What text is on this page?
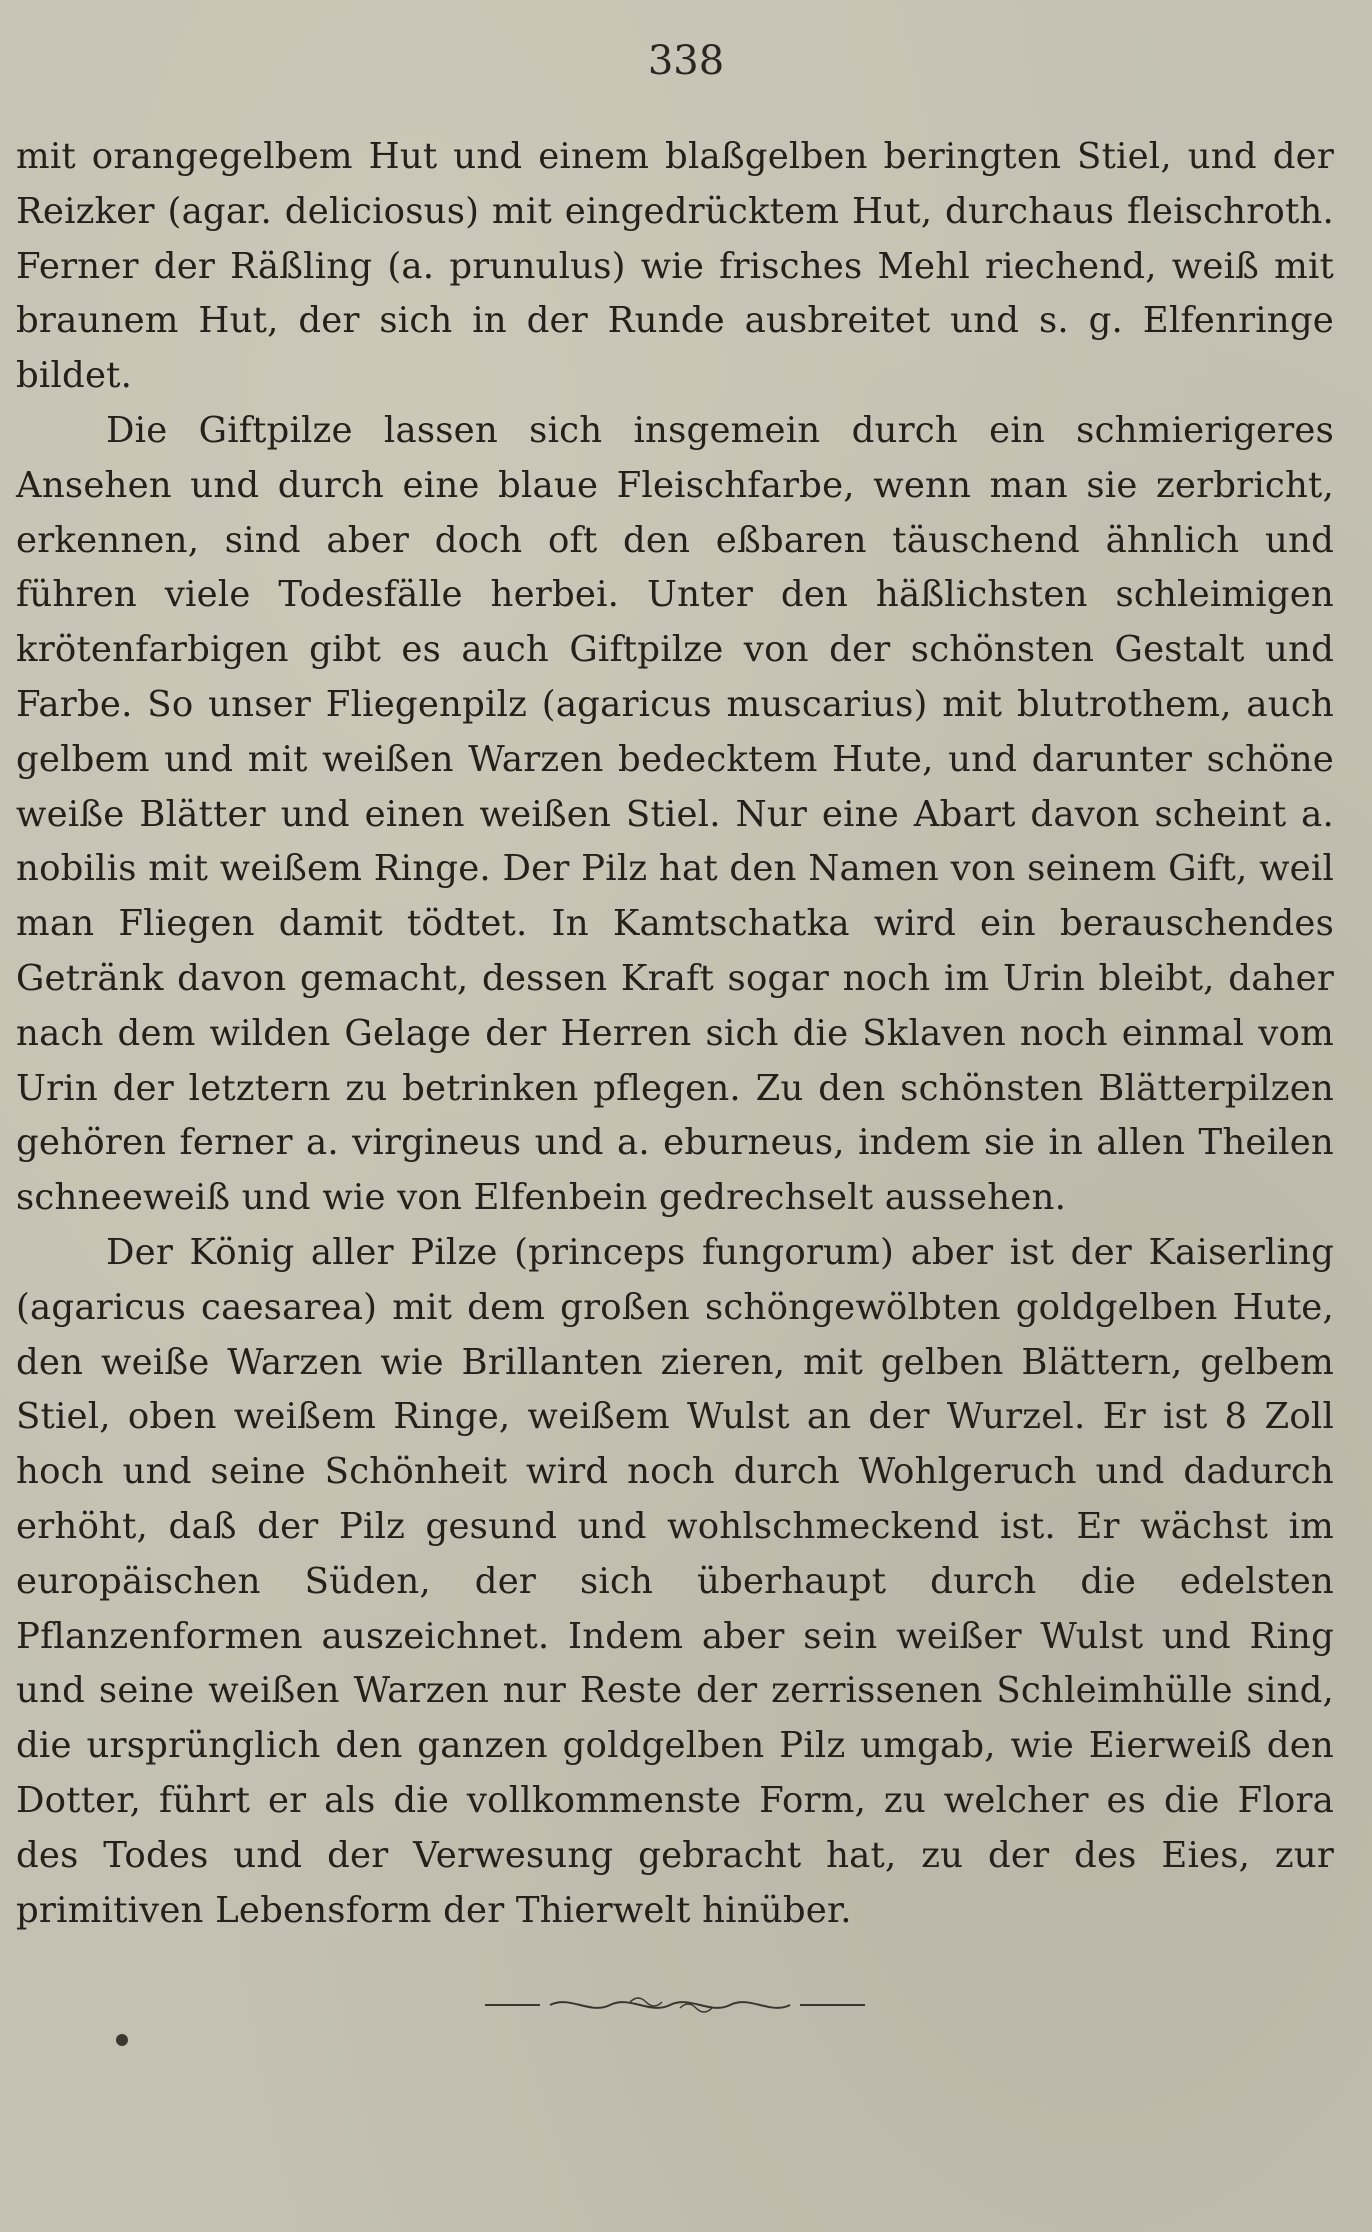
338

mit orangegelbem Hut und einem blaßgelben beringten Stiel, und der Reizker (agar. deliciosus) mit eingedrücktem Hut, durchaus fleischroth. Ferner der Räßling (a. prunulus) wie frisches Mehl riechend, weiß mit braunem Hut, der sich in der Runde ausbreitet und s. g. Elfenringe bildet.

Die Giftpilze lassen sich insgemein durch ein schmierigeres Ansehen und durch eine blaue Fleischfarbe, wenn man sie zerbricht, erkennen, sind aber doch oft den eßbaren täuschend ähnlich und führen viele Todesfälle herbei. Unter den häßlichsten schleimigen krötenfarbigen gibt es auch Giftpilze von der schönsten Gestalt und Farbe. So unser Fliegenpilz (agaricus muscarius) mit blutrothem, auch gelbem und mit weißen Warzen bedecktem Hute, und darunter schöne weiße Blätter und einen weißen Stiel. Nur eine Abart davon scheint a. nobilis mit weißem Ringe. Der Pilz hat den Namen von seinem Gift, weil man Fliegen damit tödtet. In Kamtschatka wird ein berauschendes Getränk davon gemacht, dessen Kraft sogar noch im Urin bleibt, daher nach dem wilden Gelage der Herren sich die Sklaven noch einmal vom Urin der letztern zu betrinken pflegen. Zu den schönsten Blätterpilzen gehören ferner a. virgineus und a. eburneus, indem sie in allen Theilen schneeweiß und wie von Elfenbein gedrechselt aussehen.

Der König aller Pilze (princeps fungorum) aber ist der Kaiserling (agaricus caesarea) mit dem großen schöngewölbten goldgelben Hute, den weiße Warzen wie Brillanten zieren, mit gelben Blättern, gelbem Stiel, oben weißem Ringe, weißem Wulst an der Wurzel. Er ist 8 Zoll hoch und seine Schönheit wird noch durch Wohlgeruch und dadurch erhöht, daß der Pilz gesund und wohlschmeckend ist. Er wächst im europäischen Süden, der sich überhaupt durch die edelsten Pflanzenformen auszeichnet. Indem aber sein weißer Wulst und Ring und seine weißen Warzen nur Reste der zerrissenen Schleimhülle sind, die ursprünglich den ganzen goldgelben Pilz umgab, wie Eierweiß den Dotter, führt er als die vollkommenste Form, zu welcher es die Flora des Todes und der Verwesung gebracht hat, zu der des Eies, zur primitiven Lebensform der Thierwelt hinüber.
